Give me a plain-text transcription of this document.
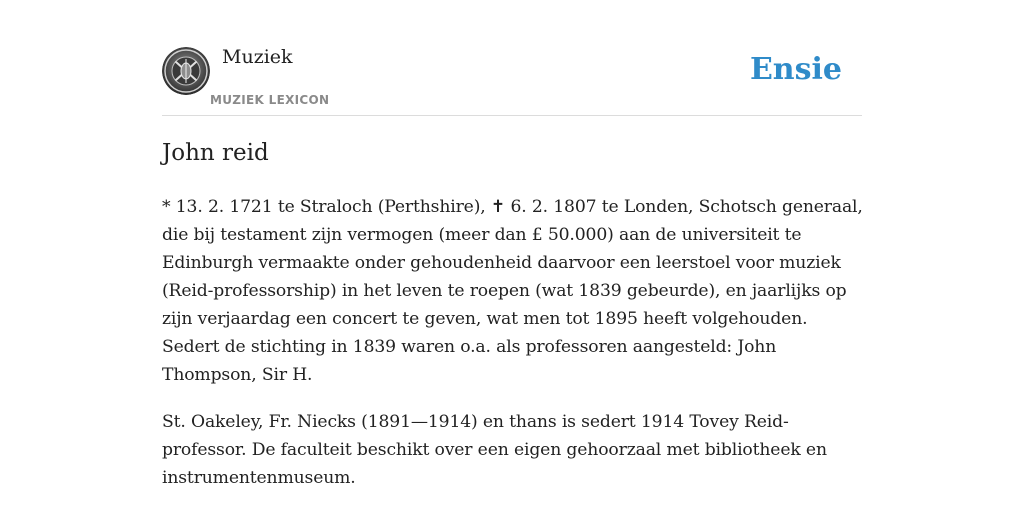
Muziek
MUZIEK LEXICON
Ensie
John reid

* 13. 2. 1721 te Straloch (Perthshire), ✝ 6. 2. 1807 te Londen, Schotsch generaal, die bij testament zijn vermogen (meer dan £ 50.000) aan de universiteit te Edinburgh vermaakte onder gehoudenheid daarvoor een leerstoel voor muziek (Reid-professorship) in het leven te roepen (wat 1839 gebeurde), en jaarlijks op zijn verjaardag een concert te geven, wat men tot 1895 heeft volgehouden. Sedert de stichting in 1839 waren o.a. als professoren aangesteld: John Thompson, Sir H.

St. Oakeley, Fr. Niecks (1891—1914) en thans is sedert 1914 Tovey Reid-professor. De faculteit beschikt over een eigen gehoorzaal met bibliotheek en instrumentenmuseum.
